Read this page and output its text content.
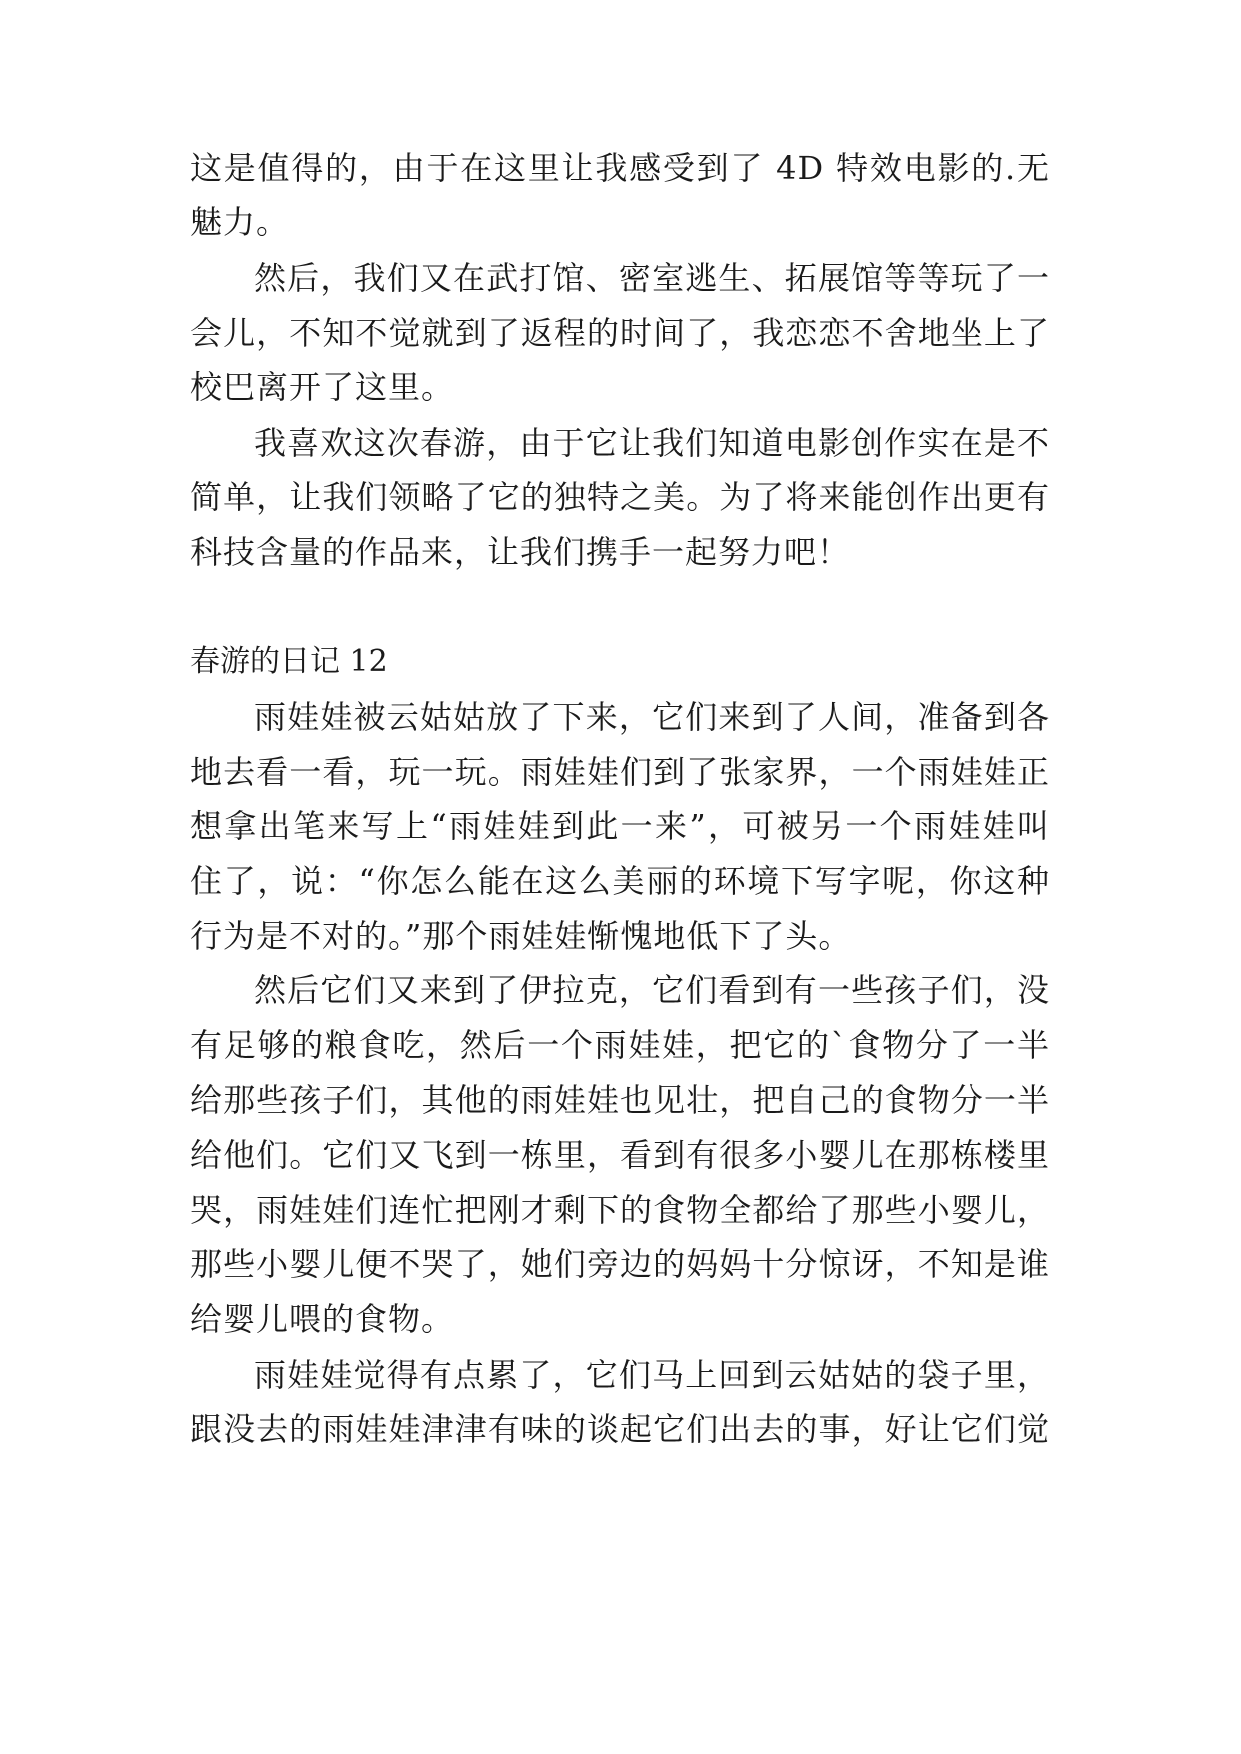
这是值得的，由于在这里让我感受到了 4D 特效电影的.无
魅力。
然后，我们又在武打馆、密室逃生、拓展馆等等玩了一
会儿，不知不觉就到了返程的时间了，我恋恋不舍地坐上了
校巴离开了这里。
我喜欢这次春游，由于它让我们知道电影创作实在是不
简单，让我们领略了它的独特之美。为了将来能创作出更有
科技含量的作品来，让我们携手一起努力吧！
春游的日记 12
雨娃娃被云姑姑放了下来，它们来到了人间，准备到各
地去看一看，玩一玩。雨娃娃们到了张家界，一个雨娃娃正
想拿出笔来写上“雨娃娃到此一来”，可被另一个雨娃娃叫
住了，说：“你怎么能在这么美丽的环境下写字呢，你这种
行为是不对的。”那个雨娃娃惭愧地低下了头。
然后它们又来到了伊拉克，它们看到有一些孩子们，没
有足够的粮食吃，然后一个雨娃娃，把它的`食物分了一半
给那些孩子们，其他的雨娃娃也见壮，把自己的食物分一半
给他们。它们又飞到一栋里，看到有很多小婴儿在那栋楼里
哭，雨娃娃们连忙把刚才剩下的食物全都给了那些小婴儿，
那些小婴儿便不哭了，她们旁边的妈妈十分惊讶，不知是谁
给婴儿喂的食物。
雨娃娃觉得有点累了，它们马上回到云姑姑的袋子里，
跟没去的雨娃娃津津有味的谈起它们出去的事，好让它们觉
